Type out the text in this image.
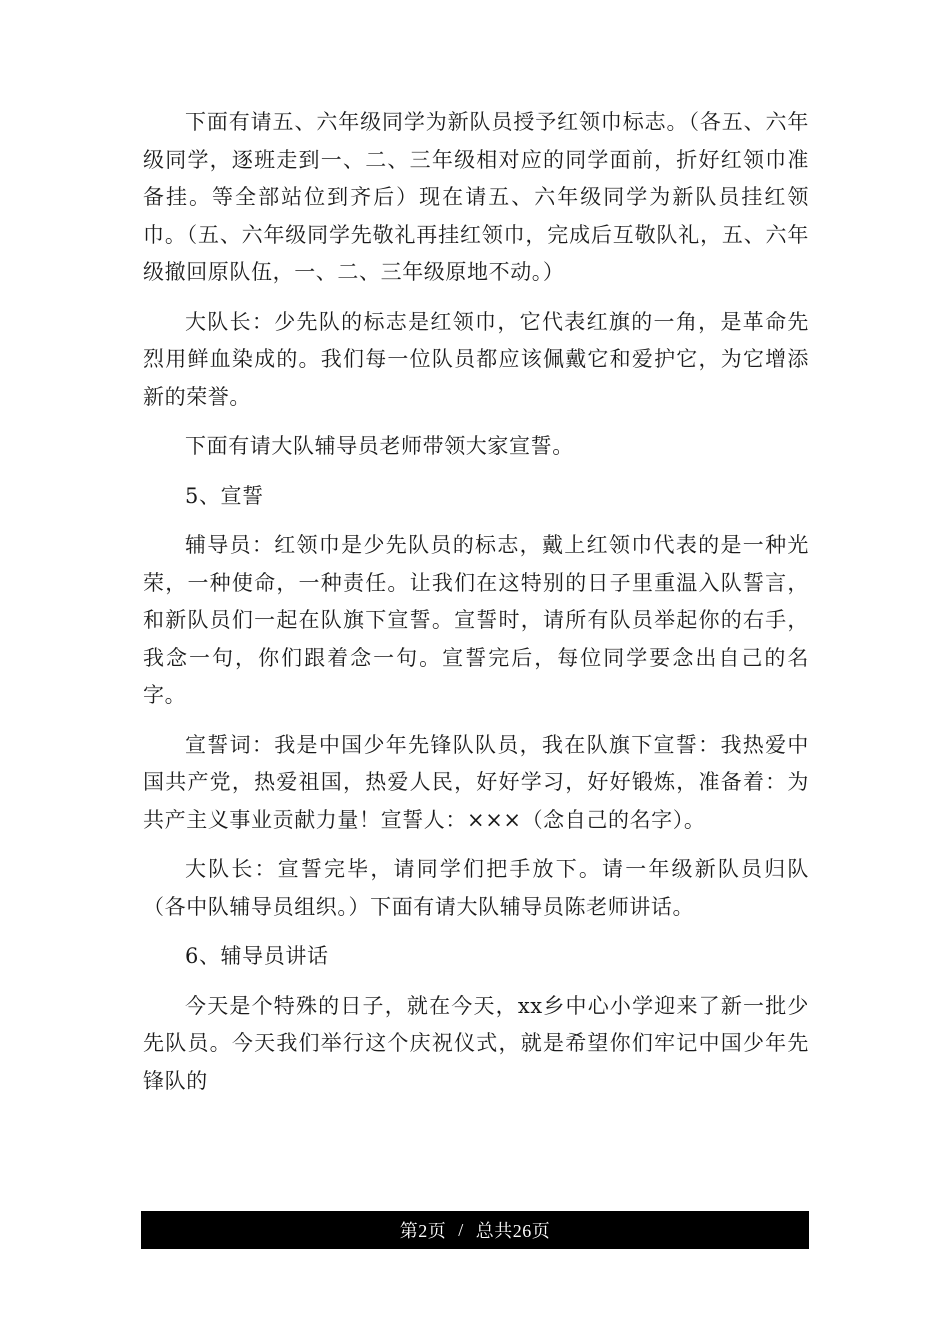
下面有请五、六年级同学为新队员授予红领巾标志。（各五、六年级同学，逐班走到一、二、三年级相对应的同学面前，折好红领巾准备挂。等全部站位到齐后）现在请五、六年级同学为新队员挂红领巾。（五、六年级同学先敬礼再挂红领巾，完成后互敬队礼，五、六年级撤回原队伍，一、二、三年级原地不动。）

大队长：少先队的标志是红领巾，它代表红旗的一角，是革命先烈用鲜血染成的。我们每一位队员都应该佩戴它和爱护它，为它增添新的荣誉。

下面有请大队辅导员老师带领大家宣誓。

5、宣誓

辅导员：红领巾是少先队员的标志，戴上红领巾代表的是一种光荣，一种使命，一种责任。让我们在这特别的日子里重温入队誓言，和新队员们一起在队旗下宣誓。宣誓时，请所有队员举起你的右手，我念一句，你们跟着念一句。宣誓完后，每位同学要念出自己的名字。

宣誓词：我是中国少年先锋队队员，我在队旗下宣誓：我热爱中国共产党，热爱祖国，热爱人民，好好学习，好好锻炼，准备着：为共产主义事业贡献力量！宣誓人：×××（念自己的名字）。

大队长：宣誓完毕，请同学们把手放下。请一年级新队员归队（各中队辅导员组织。）下面有请大队辅导员陈老师讲话。

6、辅导员讲话

今天是个特殊的日子，就在今天，xx乡中心小学迎来了新一批少先队员。今天我们举行这个庆祝仪式，就是希望你们牢记中国少年先锋队的

第2页 / 总共26页
